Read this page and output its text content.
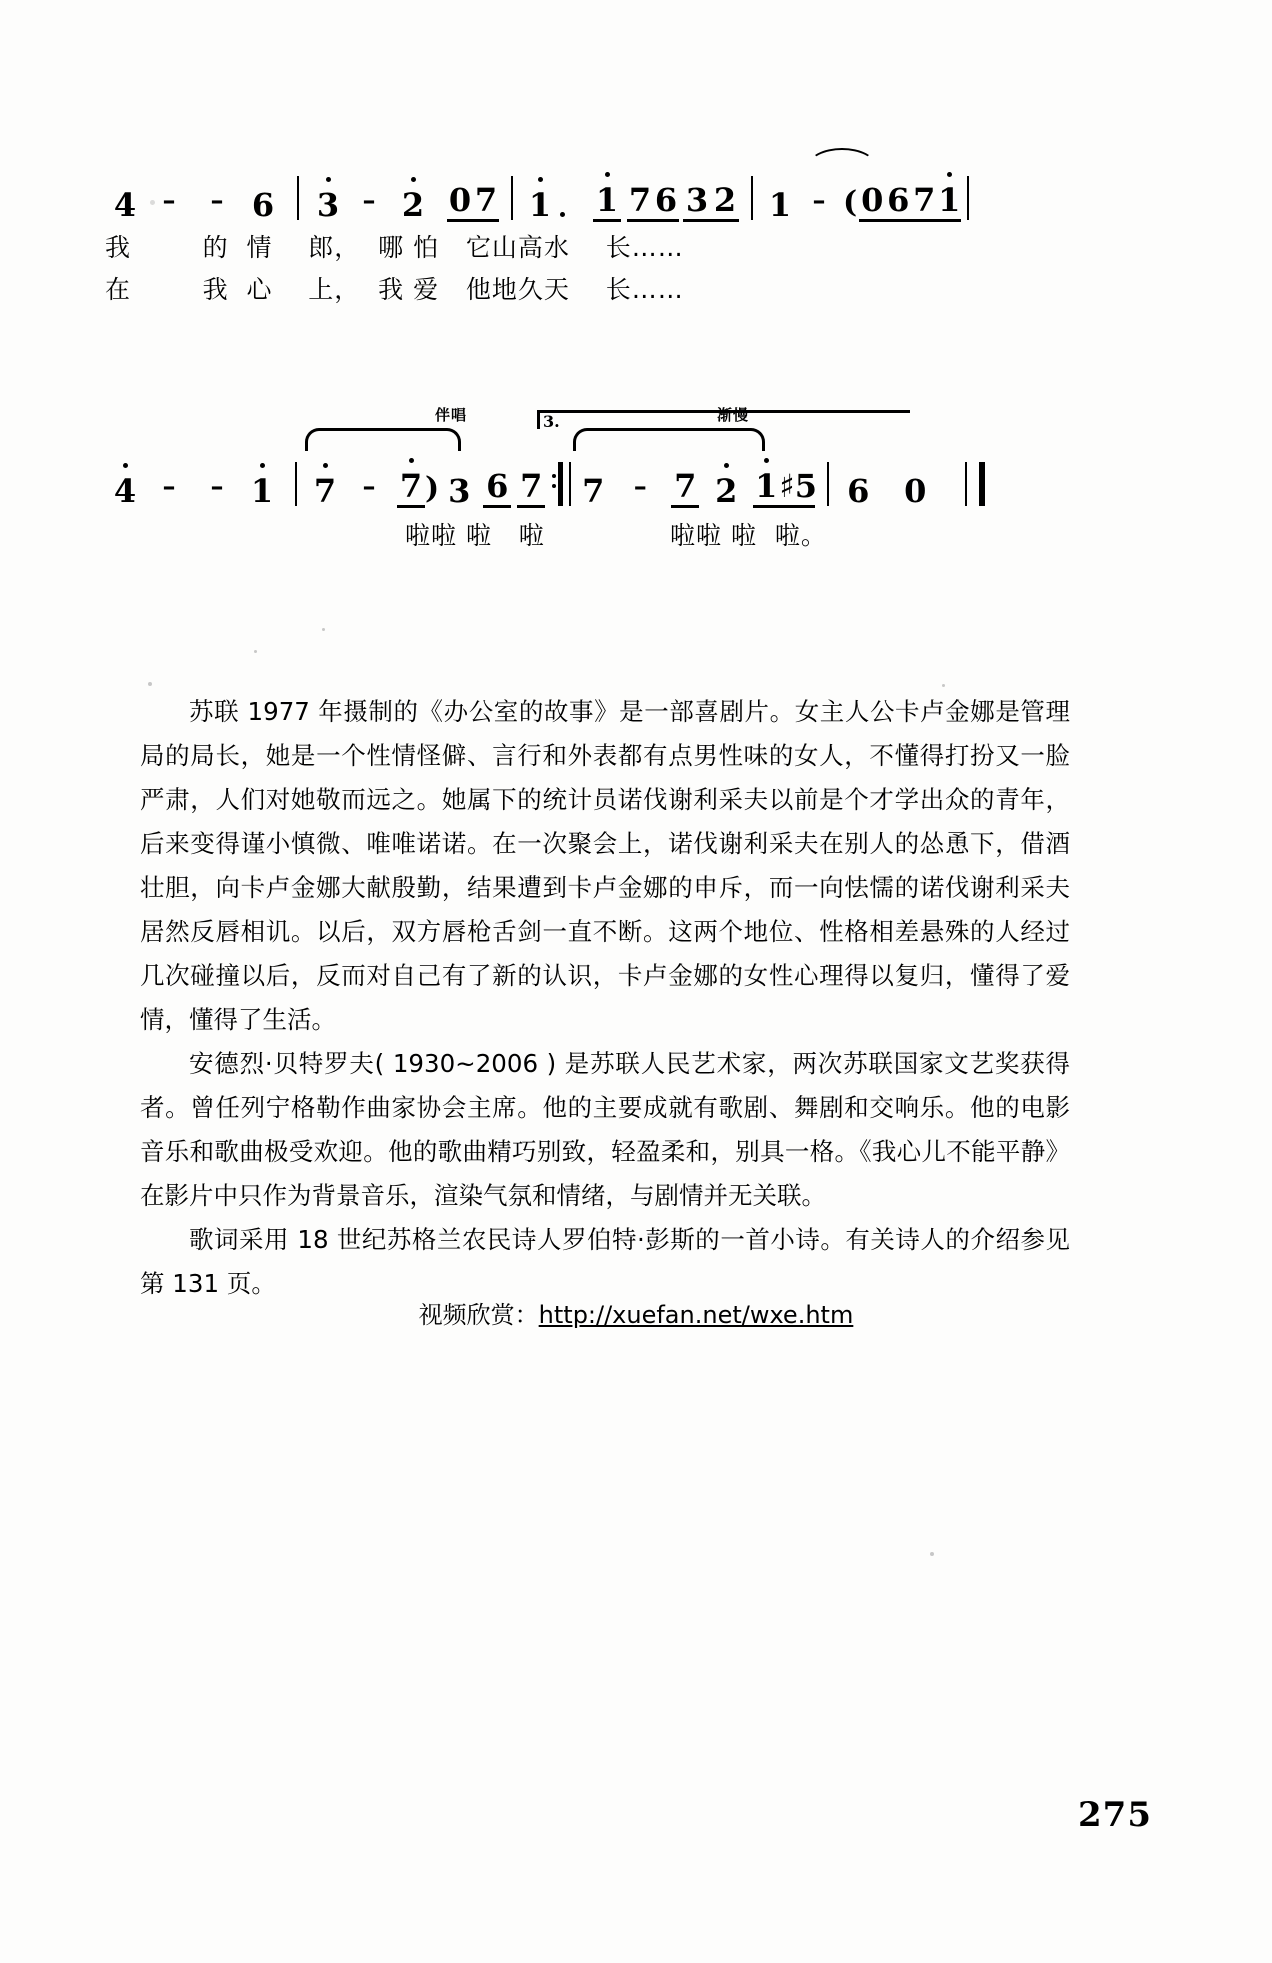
4	–	– 6	3 – 2 0 7 1 1 7 6 3 2 1 – ( 0 6 7 1
我        的  情    郎，  哪 怕   它山高水    长……
在        我  心    上，  我 爱   他地久天    长……
伴唱	渐慢
3.
4	–	– 1	7	– 7 ) 3 6 7 7	– 7 2 1 ♯5 6	0
啦啦 啦   啦              啦啦 啦  啦。

苏联 1977 年摄制的《办公室的故事》是一部喜剧片。女主人公卡卢金娜是管理局的局长，她是一个性情怪僻、言行和外表都有点男性味的女人，不懂得打扮又一脸严肃，人们对她敬而远之。她属下的统计员诺伐谢利采夫以前是个才学出众的青年，后来变得谨小慎微、唯唯诺诺。在一次聚会上，诺伐谢利采夫在别人的怂恿下，借酒壮胆，向卡卢金娜大献殷勤，结果遭到卡卢金娜的申斥，而一向怯懦的诺伐谢利采夫居然反唇相讥。以后，双方唇枪舌剑一直不断。这两个地位、性格相差悬殊的人经过几次碰撞以后，反而对自己有了新的认识，卡卢金娜的女性心理得以复归，懂得了爱情，懂得了生活。

安德烈·贝特罗夫( 1930~2006 ) 是苏联人民艺术家，两次苏联国家文艺奖获得者。曾任列宁格勒作曲家协会主席。他的主要成就有歌剧、舞剧和交响乐。他的电影音乐和歌曲极受欢迎。他的歌曲精巧别致，轻盈柔和，别具一格。《我心儿不能平静》在影片中只作为背景音乐，渲染气氛和情绪，与剧情并无关联。

歌词采用 18 世纪苏格兰农民诗人罗伯特·彭斯的一首小诗。有关诗人的介绍参见第 131 页。

视频欣赏：http://xuefan.net/wxe.htm
275
